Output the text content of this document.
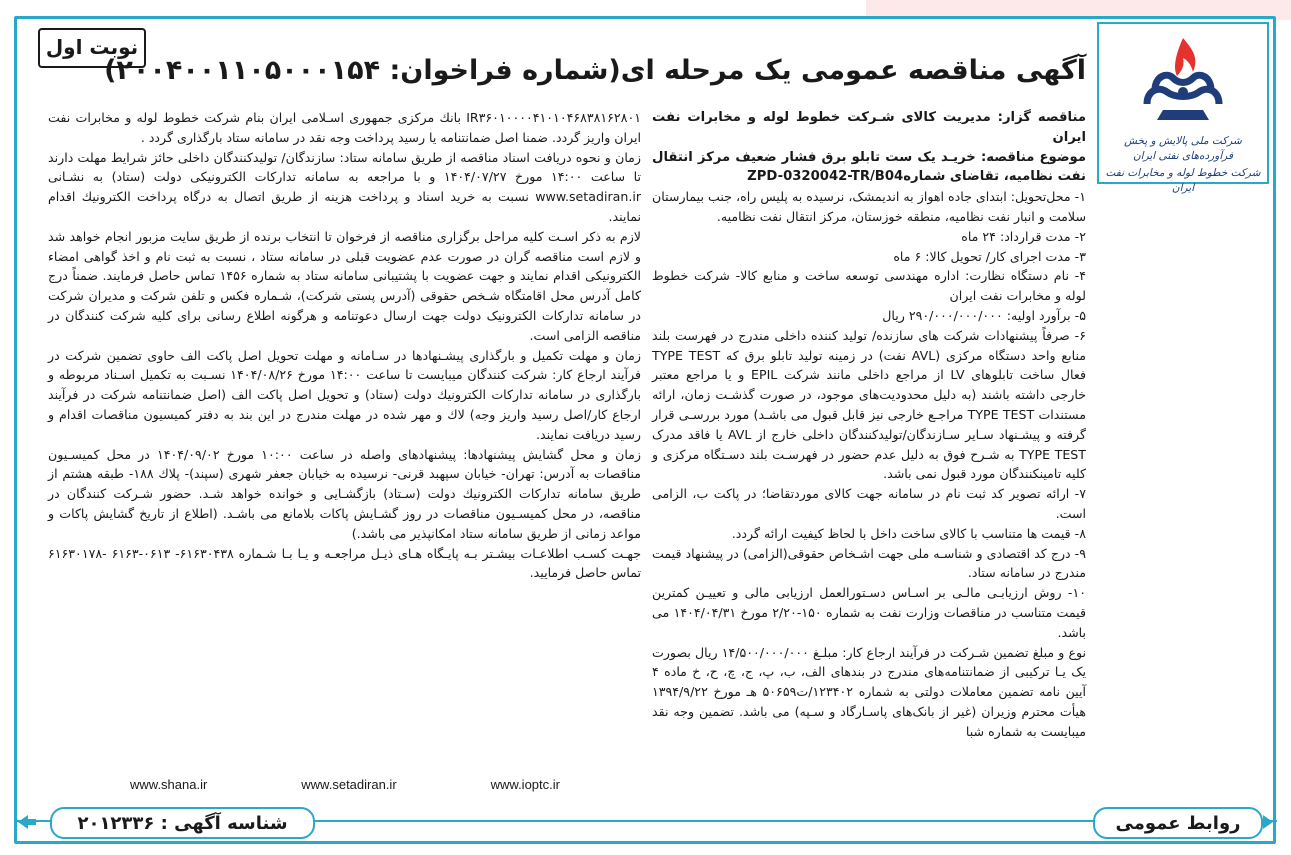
شرکت ملی پالایش و پخش فرآورده‌های نفتی ایران
شرکت خطوط لوله و مخابرات نفت ایران
نوبت اول
آگهی مناقصه عمومی یک مرحله ای(شماره فراخوان: ۲۰۰۴۰۰۱۱۰۵۰۰۰۱۵۴)

مناقصه گزار: مدیریت کالای شـرکت خطوط لوله و مخابرات نفت ایران

موضوع مناقصه: خریـد یک ست تابلو برق فشار ضعیف مرکز انتقال نفت نظامیه، تقاضای شماره‌ZPD-0320042-TR/B04

۱- محل‌تحویل: ابتدای جاده اهواز به اندیمشک، نرسیده به پلیس راه، جنب بیمارستان سلامت و انبار نفت نظامیه، منطقه خوزستان، مرکز انتقال نفت نظامیه.

۲- مدت قرارداد: ۲۴ ماه

۳- مدت اجرای کار/ تحویل کالا: ۶ ماه

۴- نام دستگاه نظارت: اداره مهندسی توسعه ساخت و منابع کالا- شرکت خطوط لوله و مخابرات نفت ایران

۵- برآورد اولیه: ۲۹۰/۰۰۰/۰۰۰/۰۰۰ ریال

۶- صرفاً پیشنهادات شرکت های سازنده/ تولید کننده داخلی مندرج در فهرست بلند منابع واحد دستگاه مرکزی (AVL نفت) در زمینه تولید تابلو برق که TYPE TEST فعال ساخت تابلوهای LV از مراجع داخلی مانند شرکت EPIL و یا مراجع معتبر خارجی داشته باشند (به دلیل محدودیت‌های موجود، در صورت گذشـت زمان، ارائه مستندات TYPE TEST مراجـع خارجی نیز قابل قبول می باشـد) مورد بررسـی قرار گرفته و پیشـنهاد سـایر سـازندگان/تولیدکنندگان داخلی خارج از AVL یا فاقد مدرک TYPE TEST به شـرح فوق به دلیل عدم حضور در فهرسـت بلند دسـتگاه مرکزی و کلیه تامینکنندگان مورد قبول نمی باشد.

۷- ارائه تصویر کد ثبت نام در سامانه جهت کالای موردتقاضا؛ در پاکت ب، الزامی است.

۸- قیمت ها متناسب با کالای ساخت داخل با لحاظ کیفیت ارائه گردد.

۹- درج کد اقتصادی و شناسـه ملی جهت اشـخاص حقوقی(الزامی) در پیشنهاد قیمت مندرج در سامانه ستاد.

۱۰- روش ارزیابـی مالـی بر اسـاس دسـتورالعمل ارزیابی مالی و تعییـن کمترین قیمت متناسب در مناقصات وزارت نفت به شماره ۱۵۰-۲/۲۰ مورخ ۱۴۰۴/۰۴/۳۱ می باشد.

نوع و مبلغ تضمین شـرکت در فرآیند ارجاع کار: مبلـغ ۱۴/۵۰۰/۰۰۰/۰۰۰ ریال بصورت یک یـا ترکیبی از ضمانتنامه‌های مندرج در بندهای الف، ب، پ، ج، چ، ح، خ ماده ۴ آیین نامه تضمین معاملات دولتی به شماره ۱۲۳۴۰۲/ت۵۰۶۵۹ هـ مورخ ۱۳۹۴/۹/۲۲ هیأت محترم وزیران (غیر از بانک‌های پاسـارگاد و سـپه) می باشد. تضمین وجه نقد میبایست به شماره شبا

IR۳۶۰۱۰۰۰۰۴۱۰۱۰۴۶۸۳۸۱۶۲۸۰۱ بانك مرکزی جمهوری اسـلامی ایران بنام شرکت خطوط لوله و مخابرات نفت ایران واریز گردد. ضمنا اصل ضمانتنامه یا رسید پرداخت وجه نقد در سامانه ستاد بارگذاری گردد .

زمان و نحوه دریافت اسناد مناقصه از طریق سامانه ستاد: سازندگان/ تولیدکنندگان داخلی حائز شرایط مهلت دارند تا ساعت ۱۴:۰۰ مورخ ۱۴۰۴/۰۷/۲۷ و با مراجعه به سامانه تدارکات الکترونیکی دولت (ستاد) به نشـانی www.setadiran.ir نسبت به خرید اسناد و پرداخت هزینه از طریق اتصال به درگاه پرداخت الکترونیك اقدام نمایند.

لازم به ذکر اسـت کلیه مراحل برگزاری مناقصه از فرخوان تا انتخاب برنده از طریق سایت مزبور انجام خواهد شد و لازم است مناقصه گران در صورت عدم عضویت قبلی در سامانه ستاد ، نسبت به ثبت نام و اخذ گواهی امضاء الکترونیکی اقدام نمایند و جهت عضویت با پشتیبانی سامانه ستاد به شماره ۱۴۵۶ تماس حاصل فرمایند. ضمناً درج کامل آدرس محل اقامتگاه شـخص حقوقی (آدرس پستی شرکت)، شـماره فکس و تلفن شرکت و مدیران شرکت در سامانه تدارکات الکترونیک دولت جهت ارسال دعوتنامه و هرگونه اطلاع رسانی برای کلیه شرکت کنندگان در مناقصه الزامی است.

زمان و مهلت تکمیل و بارگذاری پیشـنهادها در سـامانه و مهلت تحویل اصل پاکت الف حاوی تضمین شرکت در فرآیند ارجاع کار: شرکت کنندگان میبایست تا ساعت ۱۴:۰۰ مورخ ۱۴۰۴/۰۸/۲۶ نسـبت به تکمیل اسـناد مربوطه و بارگذاری در سامانه تدارکات الکترونیك دولت (ستاد) و تحویل اصل پاکت الف (اصل ضمانتنامه شرکت در فرآیند ارجاع کار/اصل رسید واریز وجه) لاك و مهر شده در مهلت مندرج در این بند به دفتر کمیسیون مناقصات اقدام و رسید دریافت نمایند.

زمان و محل گشایش پیشنهادها: پیشنهادهای واصله در ساعت ۱۰:۰۰ مورخ ۱۴۰۴/۰۹/۰۲ در محل کمیسـیون مناقصات به آدرس: تهران- خیابان سپهبد قرنی- نرسیده به خیابان جعفر شهری (سپند)- پلاك ۱۸۸- طبقه هشتم از طریق سامانه تدارکات الکترونیك دولت (سـتاد) بازگشـایی و خوانده خواهد شـد. حضور شـرکت کنندگان در مناقصه، در محل کمیسـیون مناقصات در روز گشـایش پاکات بلامانع می باشـد. (اطلاع از تاریخ گشایش پاکات و مواعد زمانی از طریق سامانه ستاد امکانپذیر می باشد.)

جهـت کسـب اطلاعـات بیشـتر بـه پایـگاه هـای ذیـل مراجعـه و یـا بـا شـماره ۶۱۶۳۰۴۳۸- ۰۶۱۳-۶۱۶۳ -۶۱۶۳۰۱۷۸ تماس حاصل فرمایید.

www.shana.ir	www.setadiran.ir	www.ioptc.ir
روابط عمومی
شناسه آگهی : ۲۰۱۲۳۳۶
